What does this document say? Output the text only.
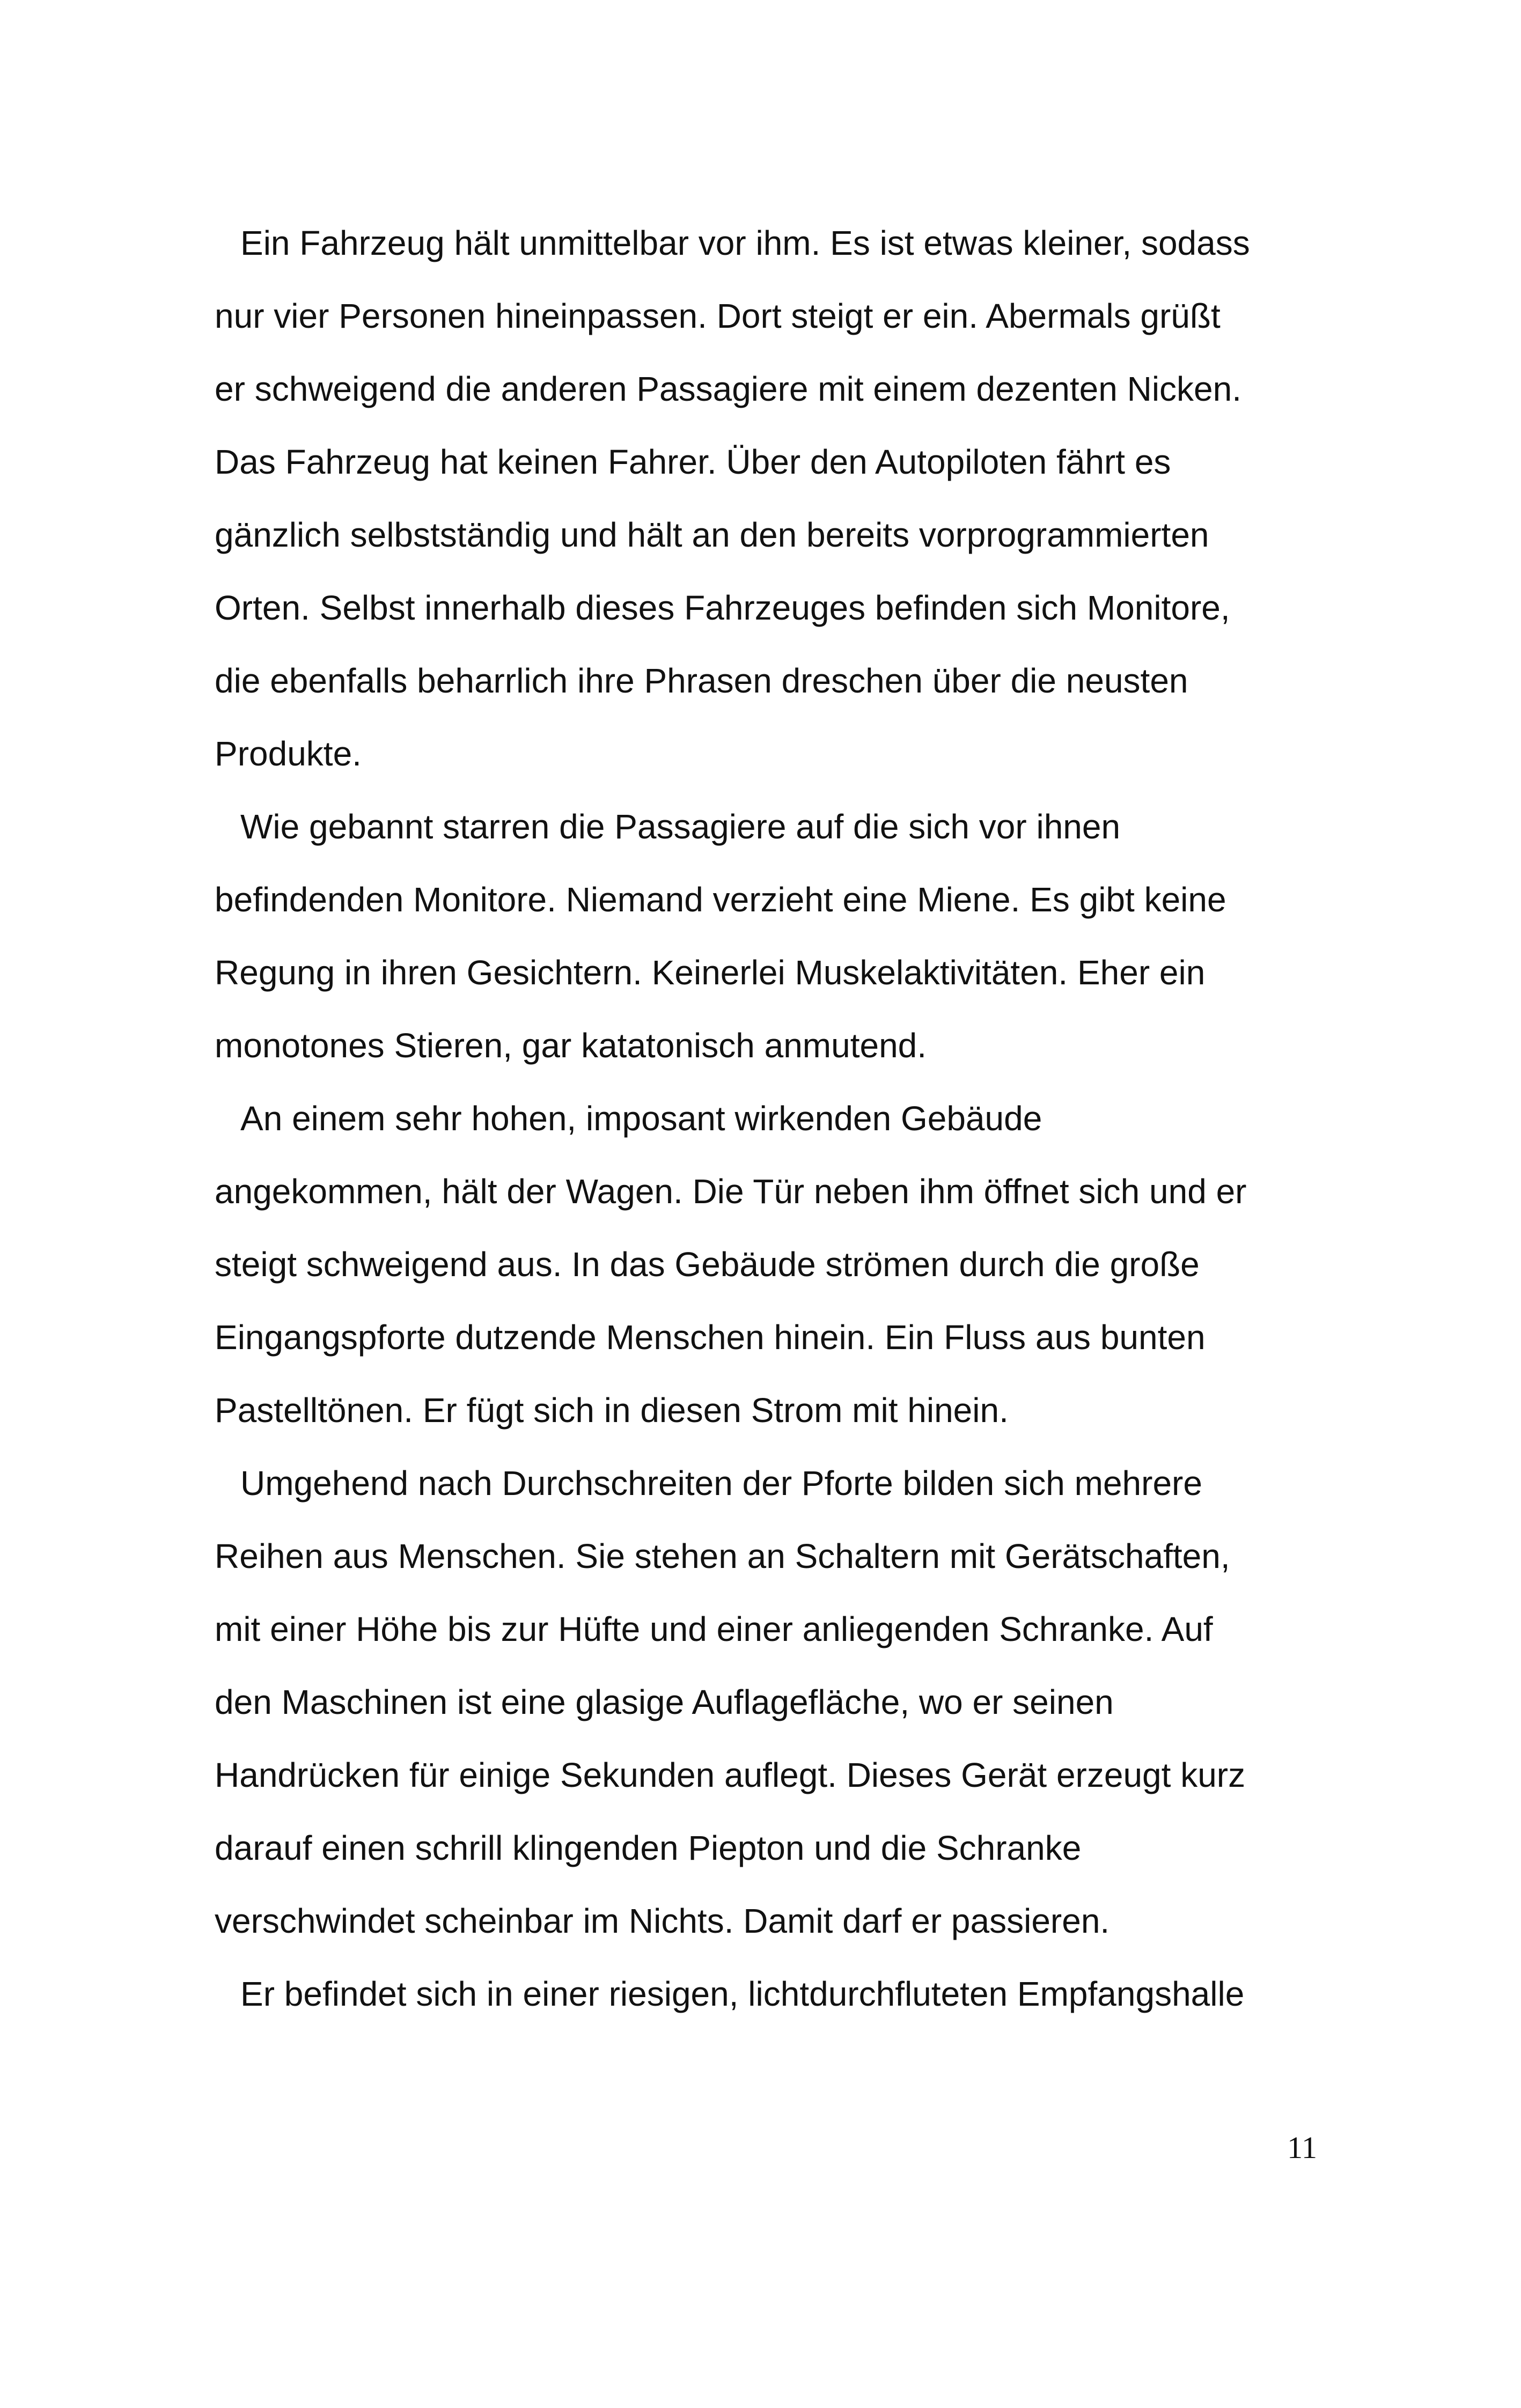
Ein Fahrzeug hält unmittelbar vor ihm. Es ist etwas kleiner, sodass
nur vier Personen hineinpassen. Dort steigt er ein. Abermals grüßt
er schweigend die anderen Passagiere mit einem dezenten Nicken.
Das Fahrzeug hat keinen Fahrer. Über den Autopiloten fährt es
gänzlich selbstständig und hält an den bereits vorprogrammierten
Orten. Selbst innerhalb dieses Fahrzeuges befinden sich Monitore,
die ebenfalls beharrlich ihre Phrasen dreschen über die neusten
Produkte.
Wie gebannt starren die Passagiere auf die sich vor ihnen
befindenden Monitore. Niemand verzieht eine Miene. Es gibt keine
Regung in ihren Gesichtern. Keinerlei Muskelaktivitäten. Eher ein
monotones Stieren, gar katatonisch anmutend.
An einem sehr hohen, imposant wirkenden Gebäude
angekommen, hält der Wagen. Die Tür neben ihm öffnet sich und er
steigt schweigend aus. In das Gebäude strömen durch die große
Eingangspforte dutzende Menschen hinein. Ein Fluss aus bunten
Pastelltönen. Er fügt sich in diesen Strom mit hinein.
Umgehend nach Durchschreiten der Pforte bilden sich mehrere
Reihen aus Menschen. Sie stehen an Schaltern mit Gerätschaften,
mit einer Höhe bis zur Hüfte und einer anliegenden Schranke. Auf
den Maschinen ist eine glasige Auflagefläche, wo er seinen
Handrücken für einige Sekunden auflegt. Dieses Gerät erzeugt kurz
darauf einen schrill klingenden Piepton und die Schranke
verschwindet scheinbar im Nichts. Damit darf er passieren.
Er befindet sich in einer riesigen, lichtdurchfluteten Empfangshalle
11
